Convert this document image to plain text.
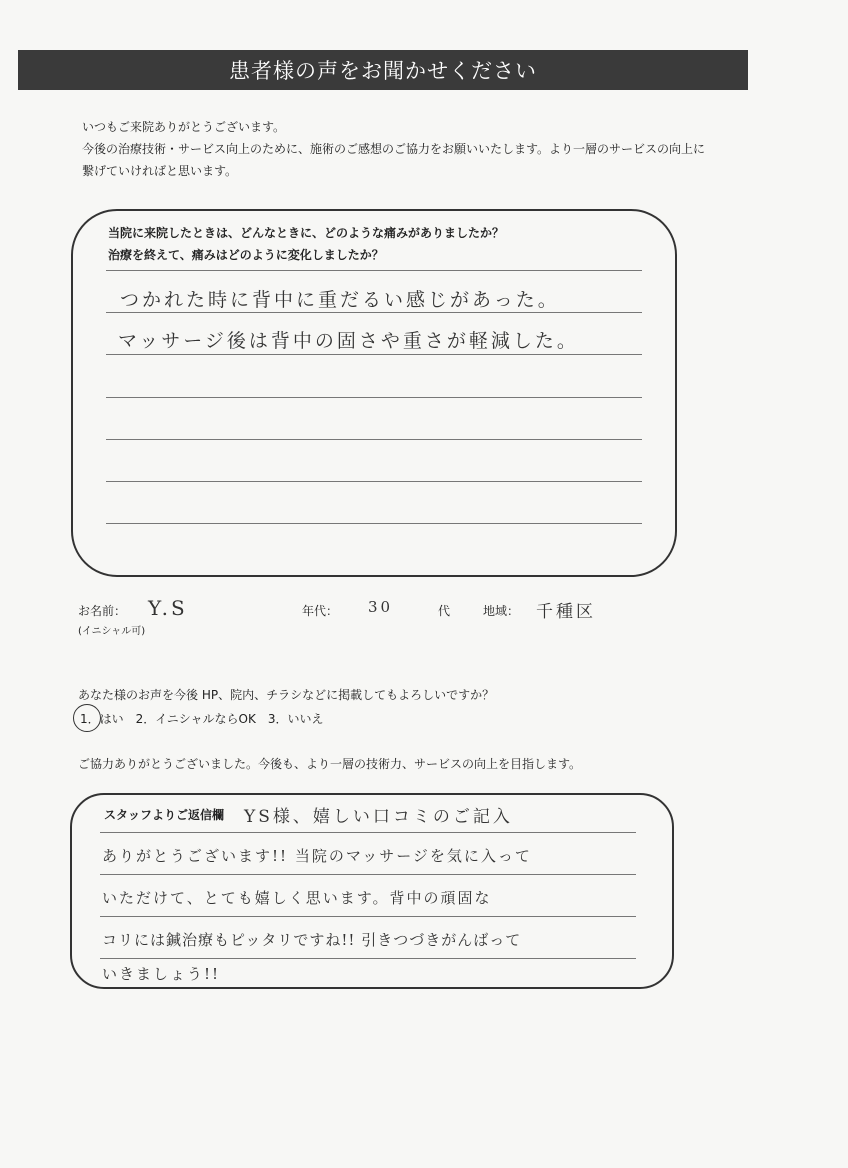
患者様の声をお聞かせください

いつもご来院ありがとうございます。

今後の治療技術・サービス向上のために、施術のご感想のご協力をお願いいたします。より一層のサービスの向上に

繋げていければと思います。

当院に来院したときは、どんなときに、どのような痛みがありましたか？
治療を終えて、痛みはどのように変化しましたか？
つかれた時に背中に重だるい感じがあった。
マッサージ後は背中の固さや重さが軽減した。
お名前：
(イニシャル可)
Y.S	年代： 30	代	地域： 千種区
あなた様のお声を今後 HP、院内、チラシなどに掲載してもよろしいですか？
1．はい　2．イニシャルならOK　3．いいえ
ご協力ありがとうございました。今後も、より一層の技術力、サービスの向上を目指します。
スタッフよりご返信欄 YS様、嬉しい口コミのご記入
ありがとうございます!! 当院のマッサージを気に入って
いただけて、とても嬉しく思います。背中の頑固な
コリには鍼治療もピッタリですね!! 引きつづきがんばって
いきましょう!!
